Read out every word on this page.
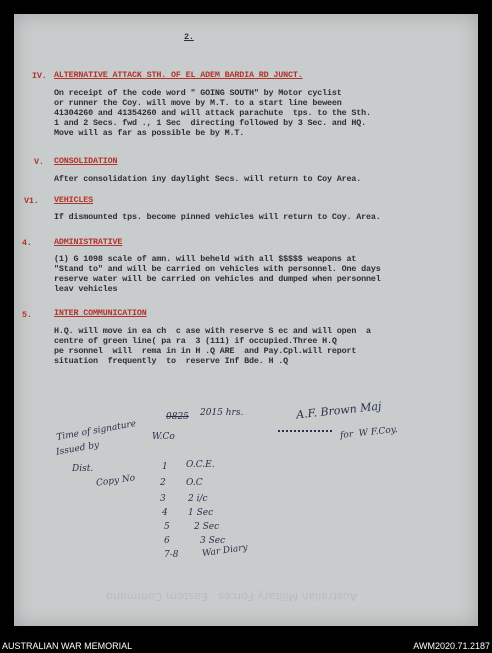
2.
IV. ALTERNATIVE ATTACK STH. OF EL ADEM BARDIA RD JUNCT.
On receipt of the code word " GOING SOUTH" by Motor cyclist
or runner the Coy. will move by M.T. to a start line beween
41304260 and 41354260 and will attack parachute  tps. to the Sth.
1 and 2 Secs. fwd ., 1 Sec  directing followed by 3 Sec. and HQ.
Move will as far as possible be by M.T.
V. CONSOLIDATION
After consolidation iny daylight Secs. will return to Coy Area.
V1. VEHICLES
If dismounted tps. become pinned vehicles will return to Coy. Area.
4.	ADMINISTRATIVE
(1) G 1098 scale of amn. will beheld with all $$$$$ weapons at
"Stand to" and will be carried on vehicles with personnel. One days
reserve water will be carried on vehicles and dumped when personnel
leav vehicles
5.	INTER COMMUNICATION
H.Q. will move in ea ch  c ase with reserve S ec and will open  a
centre of green line( pa ra  3 (111) if occupied.Three H.Q
pe rsonnel  will  rema in in H .Q ARE  and Pay.Cpl.will report
situation  frequently  to  reserve Inf Bde. H .Q
Time of signature
0825 2015 hrs.
Issued by
W.Co
Dist.
Copy No
1 O.C.E.
2 O.C
3 2 i/c
4 1 Sec
5	2 Sec
6	3 Sec
7-8	War Diary
A.F. Brown Maj
for  W F.Coy.
Australian Military Forces · Eastern Command
AUSTRALIAN WAR MEMORIAL	AWM2020.71.2187
